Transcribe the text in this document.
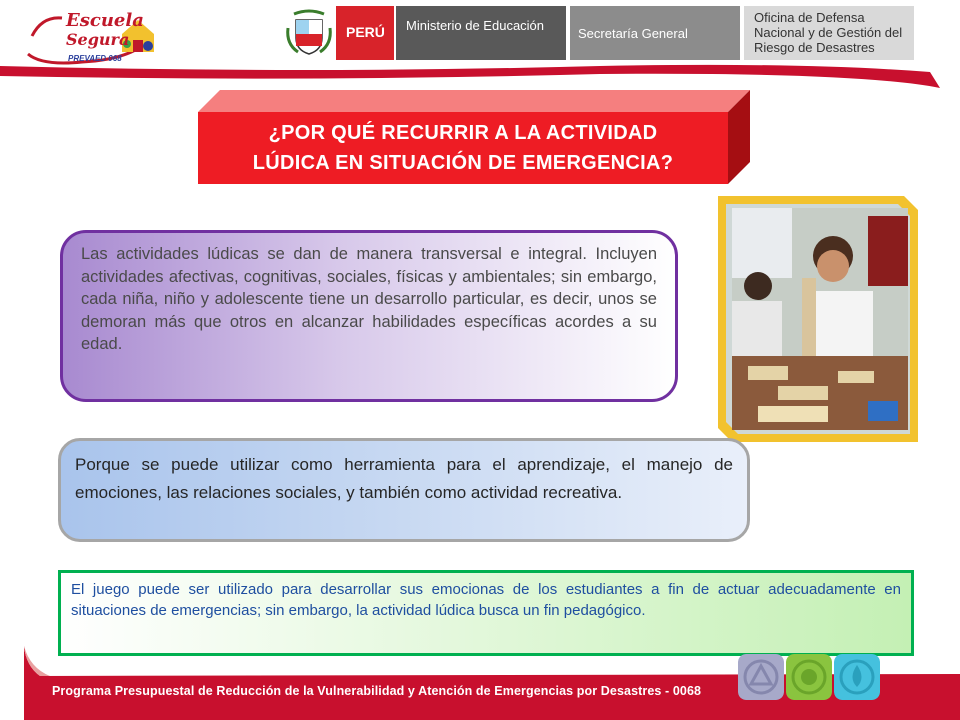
Escuela
Segura
PREVAED 068
PERÚ	Ministerio de Educación
Secretaría General
Oficina de Defensa Nacional y de Gestión del Riesgo de Desastres
¿POR QUÉ RECURRIR A LA ACTIVIDAD
LÚDICA EN SITUACIÓN DE EMERGENCIA?

Las actividades lúdicas se dan de manera transversal e integral. Incluyen actividades afectivas, cognitivas, sociales, físicas y ambientales; sin embargo, cada niña, niño y adolescente tiene un desarrollo particular, es decir, unos se demoran más que otros en alcanzar habilidades específicas acordes a su edad.

Porque se puede utilizar como herramienta para el aprendizaje, el manejo de emociones, las relaciones sociales, y también como actividad recreativa.

El juego puede ser utilizado para desarrollar sus emocionas de los estudiantes a fin de actuar adecuadamente en situaciones de emergencias; sin embargo, la actividad lúdica busca un fin pedagógico.

Programa Presupuestal de Reducción de la Vulnerabilidad y Atención de Emergencias por Desastres - 0068
